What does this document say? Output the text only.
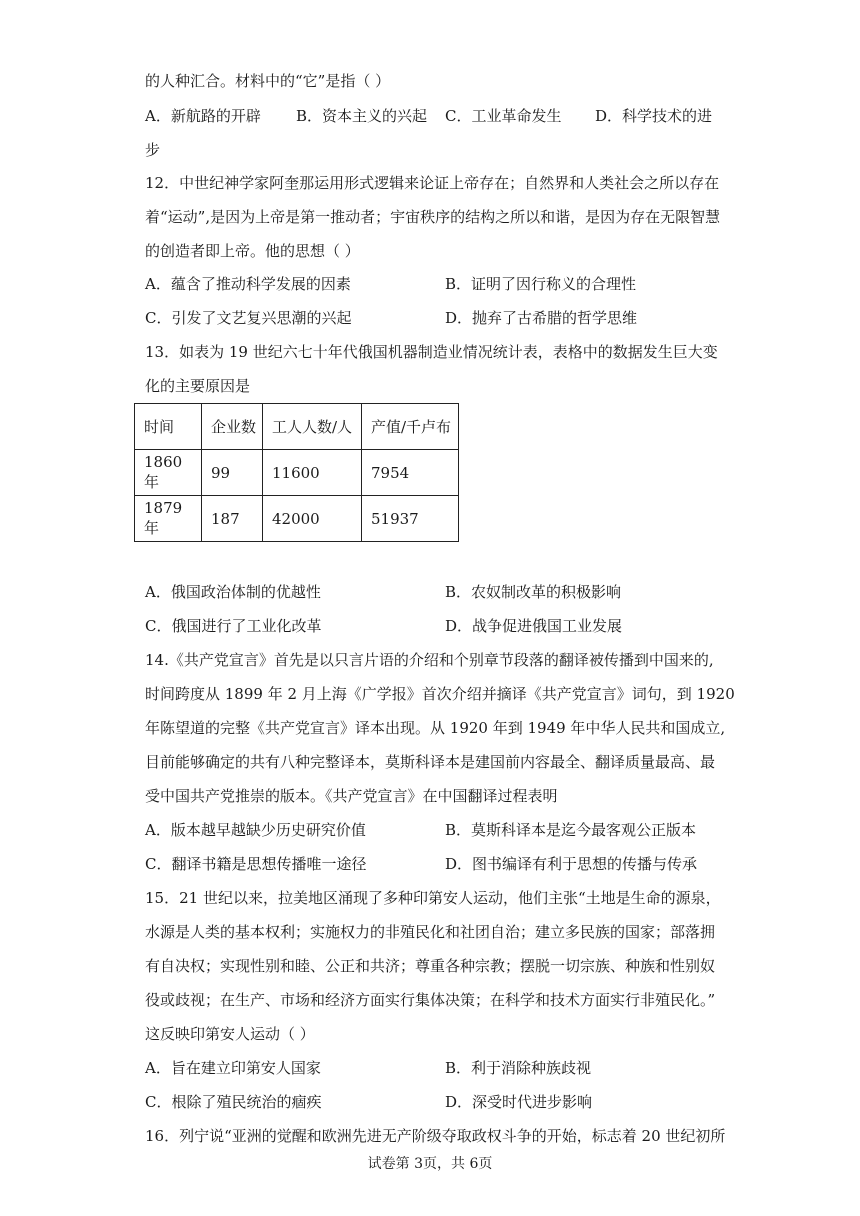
的人种汇合。材料中的“它”是指（ ）
A．新航路的开辟 B．资本主义的兴起 C．工业革命发生 D．科学技术的进
步
12．中世纪神学家阿奎那运用形式逻辑来论证上帝存在；自然界和人类社会之所以存在
着“运动”,是因为上帝是第一推动者；宇宙秩序的结构之所以和谐，是因为存在无限智慧
的创造者即上帝。他的思想（ ）
A．蕴含了推动科学发展的因素	B．证明了因行称义的合理性
C．引发了文艺复兴思潮的兴起	D．抛弃了古希腊的哲学思维
13．如表为 19 世纪六七十年代俄国机器制造业情况统计表，表格中的数据发生巨大变
化的主要原因是
时间	企业数	工人人数/人	产值/千卢布
1860 年	99	11600	7954
1879 年	187	42000	51937
A．俄国政治体制的优越性	B．农奴制改革的积极影响
C．俄国进行了工业化改革	D．战争促进俄国工业发展
14.《共产党宣言》首先是以只言片语的介绍和个别章节段落的翻译被传播到中国来的,
时间跨度从 1899 年 2 月上海《广学报》首次介绍并摘译《共产党宣言》词句，到 1920
年陈望道的完整《共产党宣言》译本出现。从 1920 年到 1949 年中华人民共和国成立,
目前能够确定的共有八种完整译本，莫斯科译本是建国前内容最全、翻译质量最高、最
受中国共产党推崇的版本。《共产党宣言》在中国翻译过程表明
A．版本越早越缺少历史研究价值	B．莫斯科译本是迄今最客观公正版本
C．翻译书籍是思想传播唯一途径	D．图书编译有利于思想的传播与传承
15．21 世纪以来，拉美地区涌现了多种印第安人运动，他们主张“土地是生命的源泉，
水源是人类的基本权利；实施权力的非殖民化和社团自治；建立多民族的国家；部落拥
有自决权；实现性别和睦、公正和共济；尊重各种宗教；摆脱一切宗族、种族和性别奴
役或歧视；在生产、市场和经济方面实行集体决策；在科学和技术方面实行非殖民化。”
这反映印第安人运动（ ）
A．旨在建立印第安人国家	B．利于消除种族歧视
C．根除了殖民统治的痼疾	D．深受时代进步影响
16．列宁说“亚洲的觉醒和欧洲先进无产阶级夺取政权斗争的开始，标志着 20 世纪初所
试卷第 3页，共 6页
